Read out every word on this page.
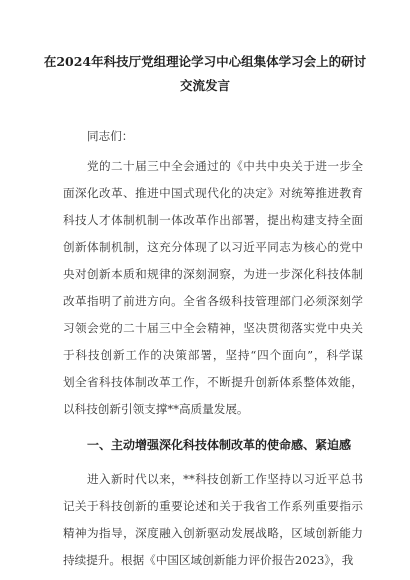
在2024年科技厅党组理论学习中心组集体学习会上的研讨
交流发言
同志们：
党的二十届三中全会通过的《中共中央关于进一步全
面深化改革、推进中国式现代化的决定》对统筹推进教育
科技人才体制机制一体改革作出部署，提出构建支持全面
创新体制机制，这充分体现了以习近平同志为核心的党中
央对创新本质和规律的深刻洞察，为进一步深化科技体制
改革指明了前进方向。全省各级科技管理部门必须深刻学
习领会党的二十届三中全会精神，坚决贯彻落实党中央关
于科技创新工作的决策部署，坚持“四个面向”，科学谋
划全省科技体制改革工作，不断提升创新体系整体效能，
以科技创新引领支撑**高质量发展。
一、主动增强深化科技体制改革的使命感、紧迫感
进入新时代以来，**科技创新工作坚持以习近平总书
记关于科技创新的重要论述和关于我省工作系列重要指示
精神为指导，深度融入创新驱动发展战略，区域创新能力
持续提升。根据《中国区域创新能力评价报告2023》，我
